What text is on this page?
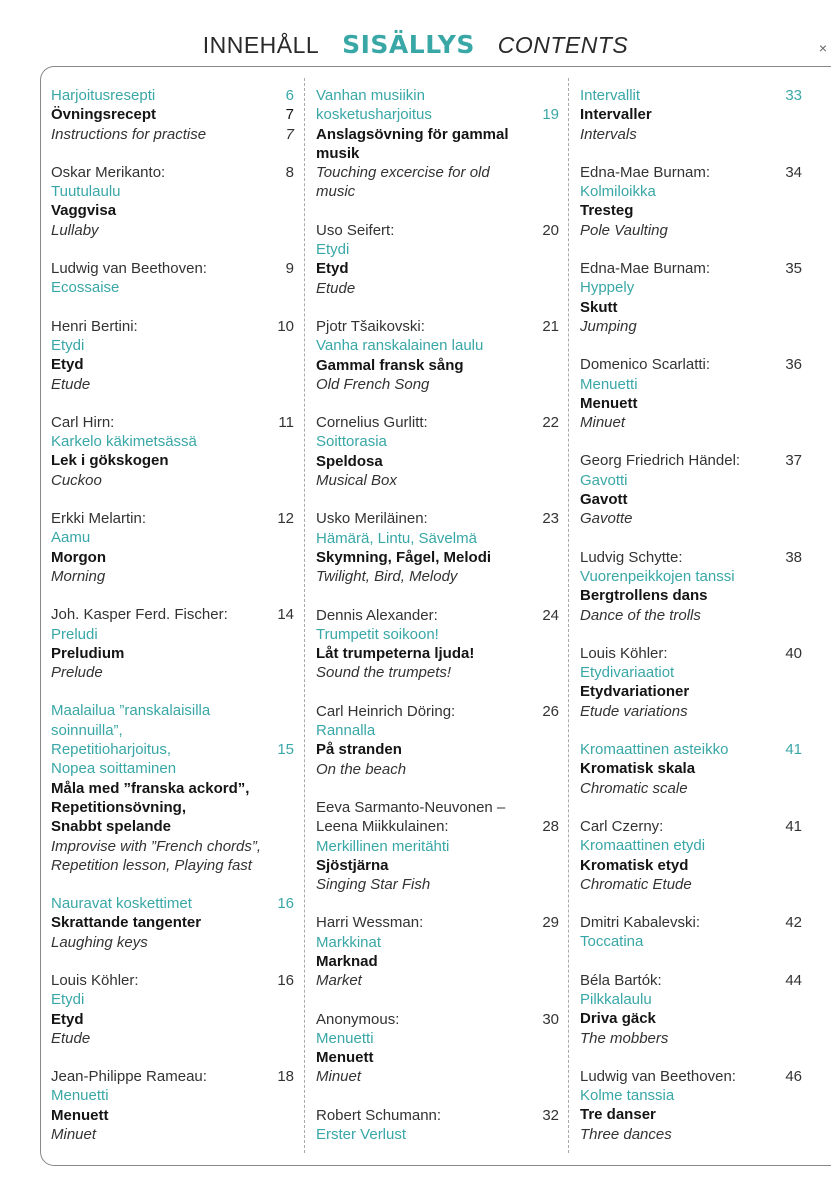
INNEHÅLL SISÄLLYS CONTENTS	×
Harjoitusresepti
Övningsrecept
Instructions for practise
6
7
7
Oskar Merikanto:
Tuutulaulu
Vaggvisa
Lullaby
8
Ludwig van Beethoven:
Ecossaise
9
Henri Bertini:
Etydi
Etyd
Etude
10
Carl Hirn:
Karkelo käkimetsässä
Lek i gökskogen
Cuckoo
11
Erkki Melartin:
Aamu
Morgon
Morning
12
Joh. Kasper Ferd. Fischer:
Preludi
Preludium
Prelude
14
Maalailua ”ranskalaisilla soinnuilla”,
Repetitioharjoitus,
Nopea soittaminen
Måla med ”franska ackord”,
Repetitionsövning,
Snabbt spelande
Improvise with ”French chords”,
Repetition lesson, Playing fast
15
Nauravat koskettimet
Skrattande tangenter
Laughing keys
16
Louis Köhler:
Etydi
Etyd
Etude
16
Jean-Philippe Rameau:
Menuetti
Menuett
Minuet
18
Vanhan musiikin
kosketusharjoitus
Anslagsövning för gammal musik
Touching excercise for old music
19
Uso Seifert:
Etydi
Etyd
Etude
20
Pjotr Tšaikovski:
Vanha ranskalainen laulu
Gammal fransk sång
Old French Song
21
Cornelius Gurlitt:
Soittorasia
Speldosa
Musical Box
22
Usko Meriläinen:
Hämärä, Lintu, Sävelmä
Skymning, Fågel, Melodi
Twilight, Bird, Melody
23
Dennis Alexander:
Trumpetit soikoon!
Låt trumpeterna ljuda!
Sound the trumpets!
24
Carl Heinrich Döring:
Rannalla
På stranden
On the beach
26
Eeva Sarmanto-Neuvonen –
Leena Miikkulainen:
Merkillinen meritähti
Sjöstjärna
Singing Star Fish
28
Harri Wessman:
Markkinat
Marknad
Market
29
Anonymous:
Menuetti
Menuett
Minuet
30
Robert Schumann:
Erster Verlust
32
Intervallit
Intervaller
Intervals
33
Edna-Mae Burnam:
Kolmiloikka
Tresteg
Pole Vaulting
34
Edna-Mae Burnam:
Hyppely
Skutt
Jumping
35
Domenico Scarlatti:
Menuetti
Menuett
Minuet
36
Georg Friedrich Händel:
Gavotti
Gavott
Gavotte
37
Ludvig Schytte:
Vuorenpeikkojen tanssi
Bergtrollens dans
Dance of the trolls
38
Louis Köhler:
Etydivariaatiot
Etydvariationer
Etude variations
40
Kromaattinen asteikko
Kromatisk skala
Chromatic scale
41
Carl Czerny:
Kromaattinen etydi
Kromatisk etyd
Chromatic Etude
41
Dmitri Kabalevski:
Toccatina
42
Béla Bartók:
Pilkkalaulu
Driva gäck
The mobbers
44
Ludwig van Beethoven:
Kolme tanssia
Tre danser
Three dances
46
